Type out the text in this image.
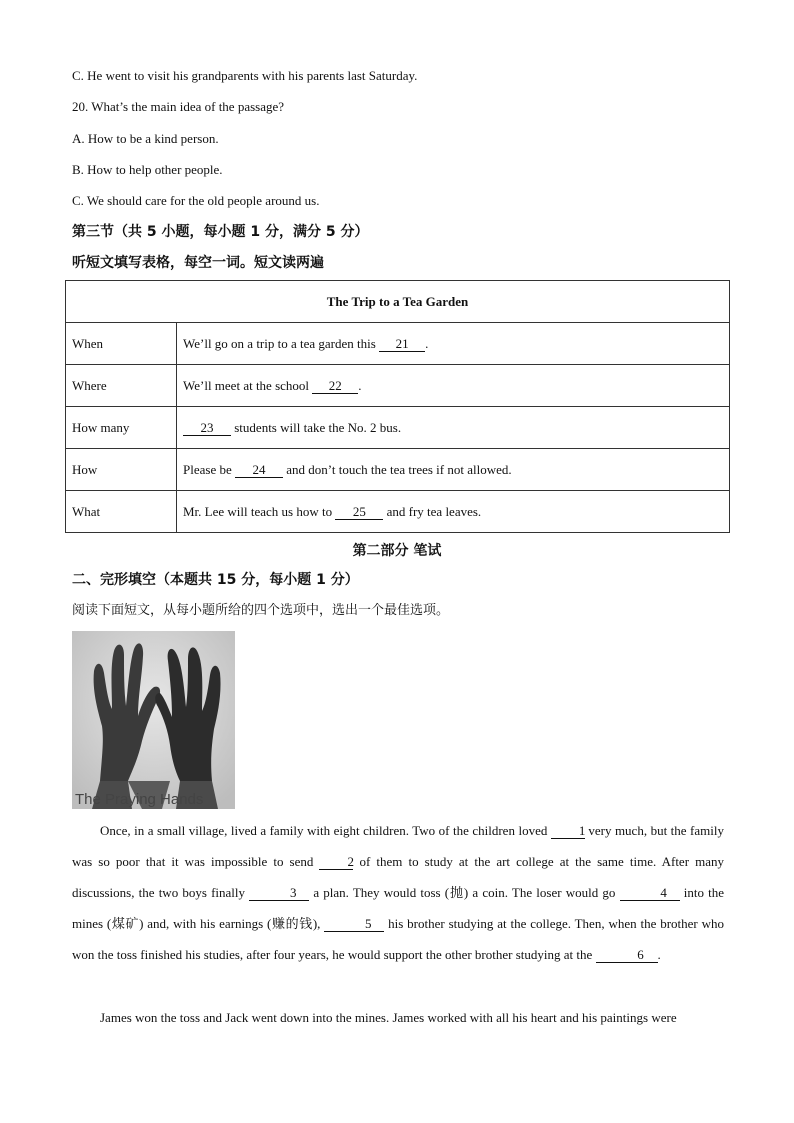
C. He went to visit his grandparents with his parents last Saturday.
20. What’s the main idea of the passage?
A. How to be a kind person.
B. How to help other people.
C. We should care for the old people around us.
第三节（共 5 小题，每小题 1 分，满分 5 分）
听短文填写表格，每空一词。短文读两遍
The Trip to a Tea Garden	
When	We’ll go on a trip to a tea garden this 21 .
Where	We’ll meet at the school 22 .
How many	23 students will take the No. 2 bus.
How	Please be 24 and don’t touch the tea trees if not allowed.
What	Mr. Lee will teach us how to 25 and fry tea leaves.
第二部分 笔试
二、完形填空（本题共 15 分，每小题 1 分）
阅读下面短文，从每小题所给的四个选项中，选出一个最佳选项。
The Praying Hands

Once, in a small village, lived a family with eight children. Two of the children loved 1 very much, but the family was so poor that it was impossible to send 2 of them to study at the art college at the same time. After many discussions, the two boys finally	3 a plan. They would toss (抛) a coin. The loser would go	4 into the mines (煤矿) and, with his earnings (赚的钱),	5 his brother studying at the college. Then, when the brother who won the toss finished his studies, after four years, he would support the other brother studying at the	6 .

James won the toss and Jack went down into the mines. James worked with all his heart and his paintings were
